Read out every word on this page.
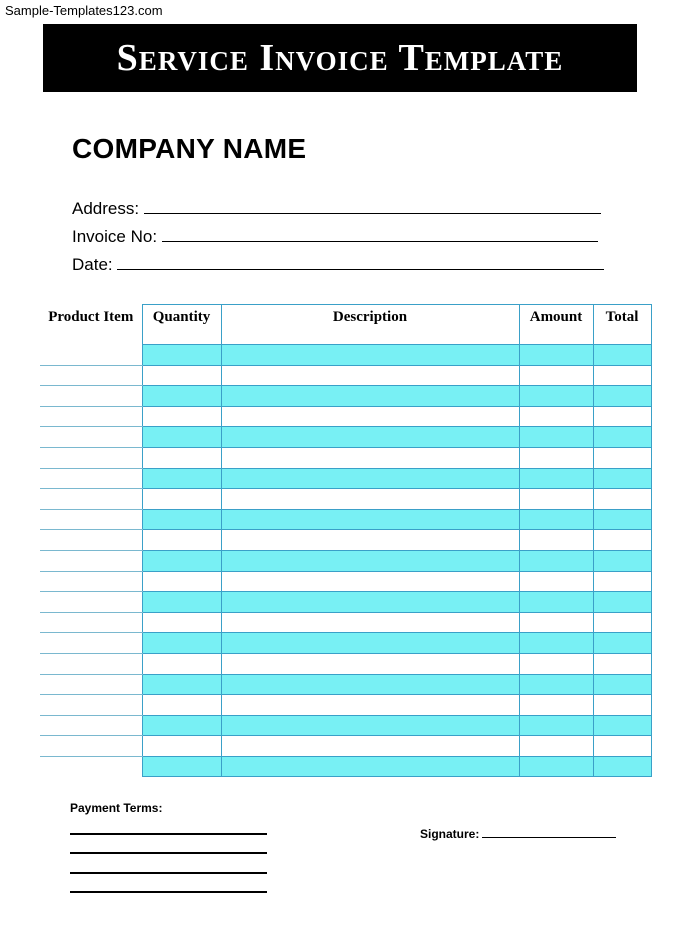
Sample-Templates123.com
Service Invoice Template
COMPANY NAME
Address:
Invoice No:
Date:
Product Item	Quantity	Description	Amount	Total

Payment Terms:
Signature:
